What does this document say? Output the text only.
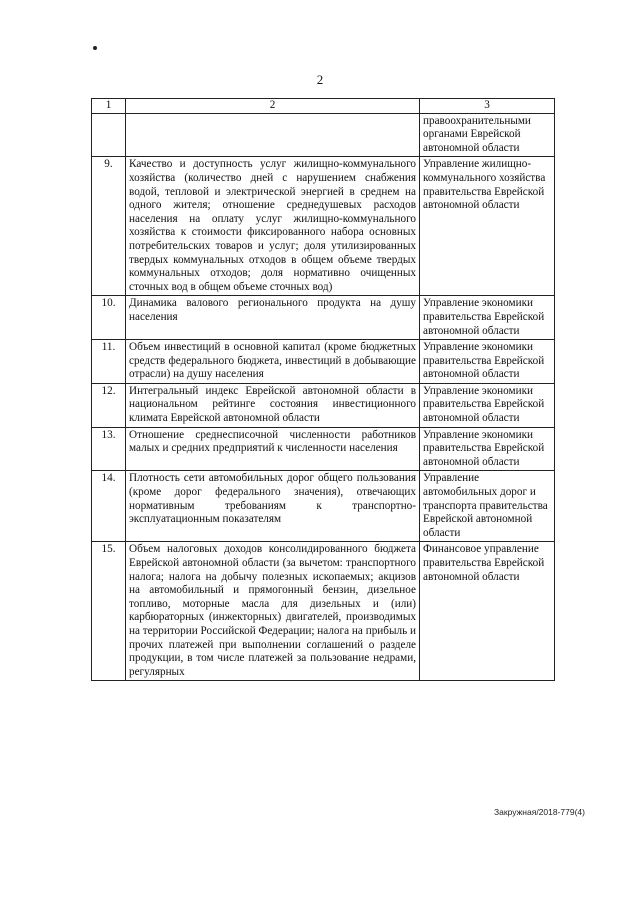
2
1	2	3
		правоохранительными органами Еврейской автономной области
9.	Качество и доступность услуг жилищно-коммунального хозяйства (количество дней с нарушением снабжения водой, тепловой и электрической энергией в среднем на одного жителя; отношение среднедушевых расходов населения на оплату услуг жилищно-коммунального хозяйства к стоимости фиксированного набора основных потребительских товаров и услуг; доля утилизированных твердых коммунальных отходов в общем объеме твердых коммунальных отходов; доля нормативно очищенных сточных вод в общем объеме сточных вод)	Управление жилищно-коммунального хозяйства правительства Еврейской автономной области
10.	Динамика валового регионального продукта на душу населения	Управление экономики правительства Еврейской автономной области
11.	Объем инвестиций в основной капитал (кроме бюджетных средств федерального бюджета, инвестиций в добывающие отрасли) на душу населения	Управление экономики правительства Еврейской автономной области
12.	Интегральный индекс Еврейской автономной области в национальном рейтинге состояния инвестиционного климата Еврейской автономной области	Управление экономики правительства Еврейской автономной области
13.	Отношение среднесписочной численности работников малых и средних предприятий к численности населения	Управление экономики правительства Еврейской автономной области
14.	Плотность сети автомобильных дорог общего пользования (кроме дорог федерального значения), отвечающих нормативным требованиям к транспортно-эксплуатационным показателям	Управление автомобильных дорог и транспорта правительства Еврейской автономной области
15.	Объем налоговых доходов консолидированного бюджета Еврейской автономной области (за вычетом: транспортного налога; налога на добычу полезных ископаемых; акцизов на автомобильный и прямогонный бензин, дизельное топливо, моторные масла для дизельных и (или) карбюраторных (инжекторных) двигателей, производимых на территории Российской Федерации; налога на прибыль и прочих платежей при выполнении соглашений о разделе продукции, в том числе платежей за пользование недрами, регулярных	Финансовое управление правительства Еврейской автономной области
Закружная/2018-779(4)
